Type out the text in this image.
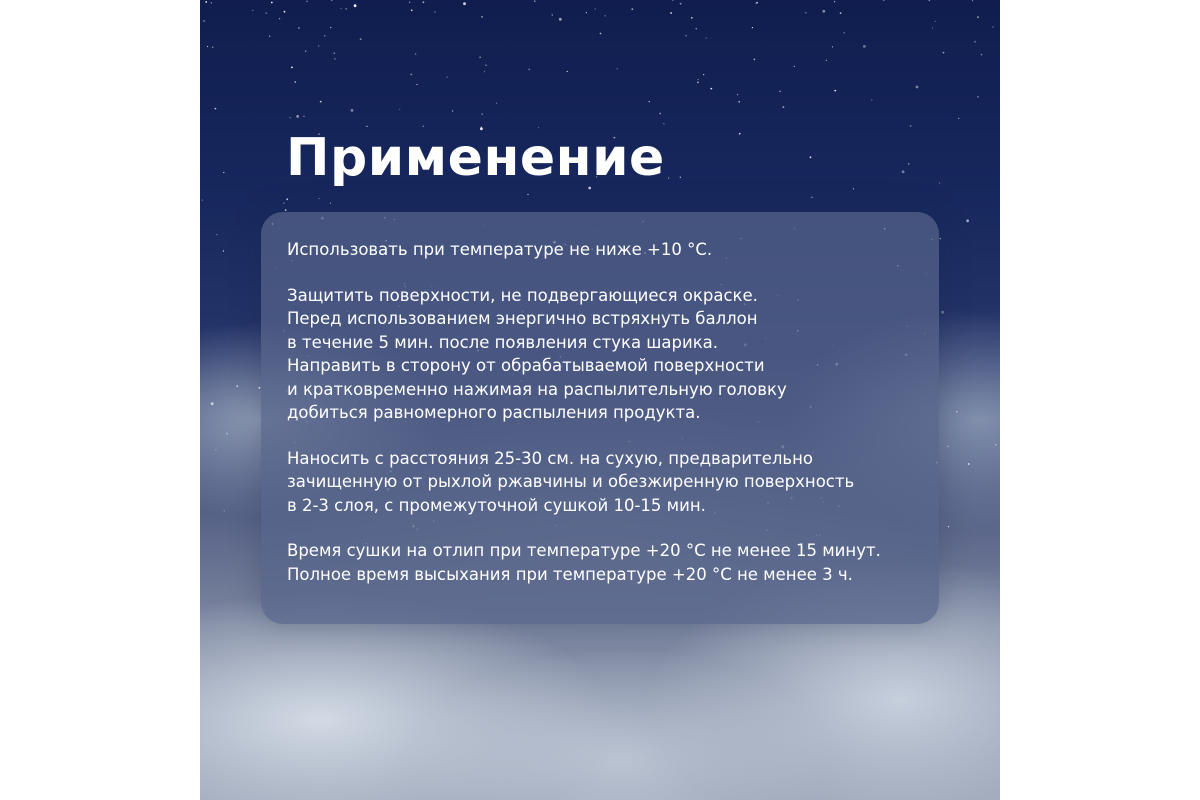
Применение

Использовать при температуре не ниже +10 °С.

Защитить поверхности, не подвергающиеся окраске.
Перед использованием энергично встряхнуть баллон
в течение 5 мин. после появления стука шарика.
Направить в сторону от обрабатываемой поверхности
и кратковременно нажимая на распылительную головку
добиться равномерного распыления продукта.

Наносить с расстояния 25-30 см. на сухую, предварительно
зачищенную от рыхлой ржавчины и обезжиренную поверхность
в 2-3 слоя, с промежуточной сушкой 10-15 мин.

Время сушки на отлип при температуре +20 °С не менее 15 минут.
Полное время высыхания при температуре +20 °С не менее 3 ч.
